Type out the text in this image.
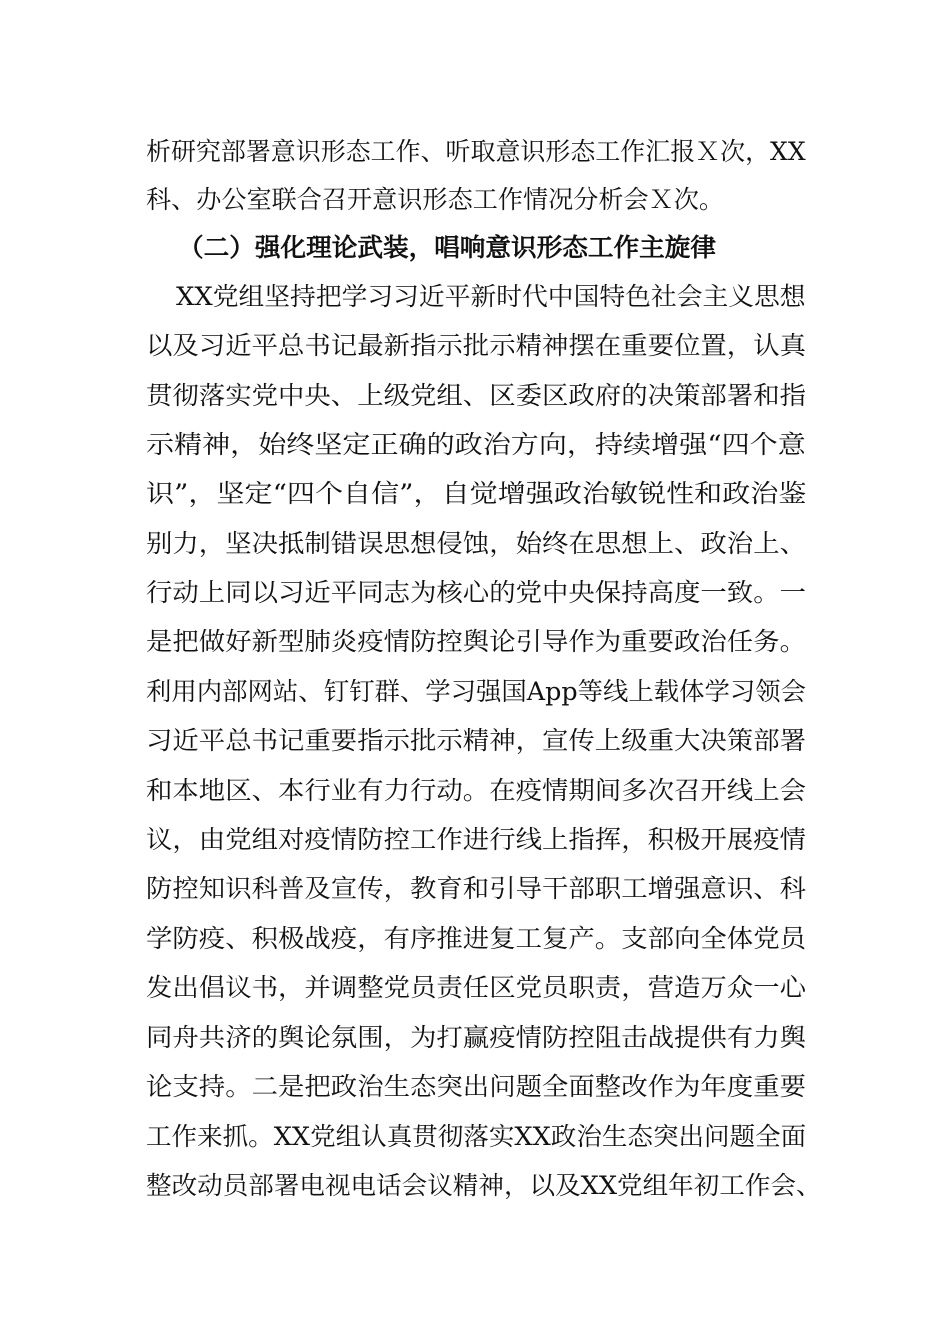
析研究部署意识形态工作、听取意识形态工作汇报Ｘ次，XX
科、办公室联合召开意识形态工作情况分析会Ｘ次。
（二）强化理论武装，唱响意识形态工作主旋律
XX党组坚持把学习习近平新时代中国特色社会主义思想
以及习近平总书记最新指示批示精神摆在重要位置，认真
贯彻落实党中央、上级党组、区委区政府的决策部署和指
示精神，始终坚定正确的政治方向，持续增强“四个意
识”，坚定“四个自信”，自觉增强政治敏锐性和政治鉴
别力，坚决抵制错误思想侵蚀，始终在思想上、政治上、
行动上同以习近平同志为核心的党中央保持高度一致。一
是把做好新型肺炎疫情防控舆论引导作为重要政治任务。
利用内部网站、钉钉群、学习强国App等线上载体学习领会
习近平总书记重要指示批示精神，宣传上级重大决策部署
和本地区、本行业有力行动。在疫情期间多次召开线上会
议，由党组对疫情防控工作进行线上指挥，积极开展疫情
防控知识科普及宣传，教育和引导干部职工增强意识、科
学防疫、积极战疫，有序推进复工复产。支部向全体党员
发出倡议书，并调整党员责任区党员职责，营造万众一心
同舟共济的舆论氛围，为打赢疫情防控阻击战提供有力舆
论支持。二是把政治生态突出问题全面整改作为年度重要
工作来抓。XX党组认真贯彻落实XX政治生态突出问题全面
整改动员部署电视电话会议精神，以及XX党组年初工作会、
